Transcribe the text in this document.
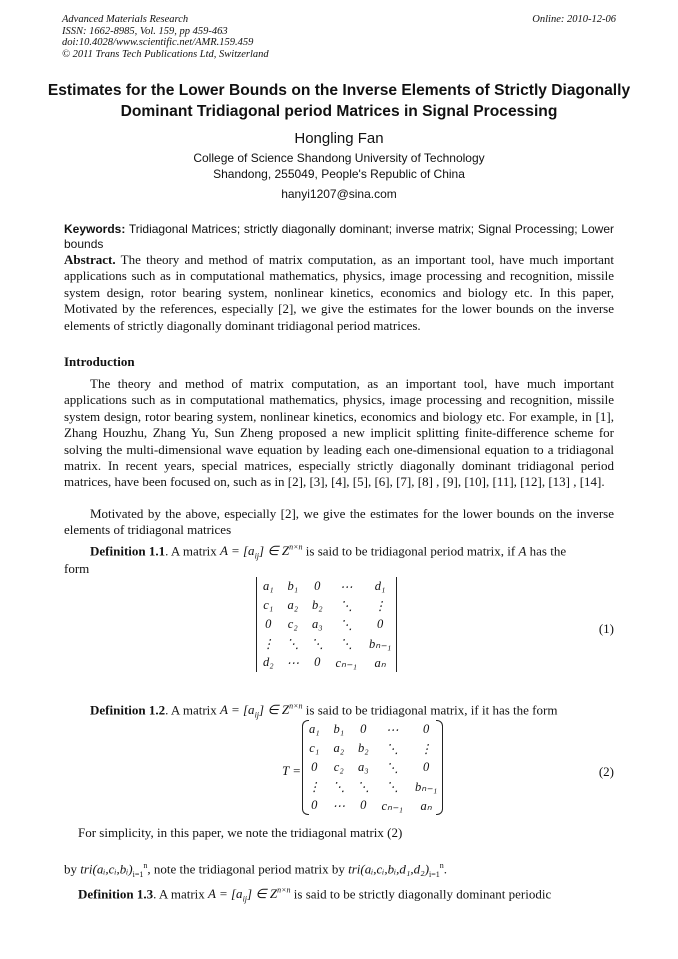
Advanced Materials Research
ISSN: 1662-8985, Vol. 159, pp 459-463
doi:10.4028/www.scientific.net/AMR.159.459
© 2011 Trans Tech Publications Ltd, Switzerland
Online: 2010-12-06
Estimates for the Lower Bounds on the Inverse Elements of Strictly Diagonally Dominant Tridiagonal period Matrices in Signal Processing
Hongling Fan
College of Science Shandong University of Technology
Shandong, 255049, People's Republic of China
hanyi1207@sina.com
Keywords: Tridiagonal Matrices; strictly diagonally dominant; inverse matrix; Signal Processing; Lower bounds
Abstract. The theory and method of matrix computation, as an important tool, have much important applications such as in computational mathematics, physics, image processing and recognition, missile system design, rotor bearing system, nonlinear kinetics, economics and biology etc. In this paper, Motivated by the references, especially [2], we give the estimates for the lower bounds on the inverse elements of strictly diagonally dominant tridiagonal period matrices.
Introduction
The theory and method of matrix computation, as an important tool, have much important applications such as in computational mathematics, physics, image processing and recognition, missile system design, rotor bearing system, nonlinear kinetics, economics and biology etc. For example, in [1], Zhang Houzhu, Zhang Yu, Sun Zheng proposed a new implicit splitting finite-difference scheme for solving the multi-dimensional wave equation by leading each one-dimensional equation to a tridiagonal matrix. In recent years, special matrices, especially strictly diagonally dominant tridiagonal period matrices, have been focused on, such as in [2], [3], [4], [5], [6], [7], [8] , [9], [10], [11], [12], [13] , [14].
Motivated by the above, especially [2], we give the estimates for the lower bounds on the inverse elements of tridiagonal matrices
Definition 1.1. A matrix $A = [a_{ij}]$ ∈ $Z^{n\times n}$ is said to be tridiagonal period matrix, if A has the
form
a₁	b₁	0	⋯	d₁
c₁	a₂	b₂	⋱	⋮
0	c₂	a₃	⋱	0
⋮	⋱	⋱	⋱	bₙ₋₁
d₂	⋯	0	cₙ₋₁	aₙ
(1)
Definition 1.2. A matrix $A = [a_{ij}]$ ∈ $Z^{n\times n}$ is said to be tridiagonal matrix, if it has the form
T =
a₁	b₁	0	⋯	0
c₁	a₂	b₂	⋱	⋮
0	c₂	a₃	⋱	0
⋮	⋱	⋱	⋱	bₙ₋₁
0	⋯	0	cₙ₋₁	aₙ
(2)
For simplicity, in this paper, we note the tridiagonal matrix (2)
by $tri(aᵢ,cᵢ,bᵢ)_{i=1}^n$, note the tridiagonal period matrix by $tri(aᵢ,cᵢ,bᵢ,d_1,d_2)_{i=1}^n$.
Definition 1.3. A matrix $A = [a_{ij}]$ ∈ $Z^{n\times n}$ is said to be strictly diagonally dominant periodic
